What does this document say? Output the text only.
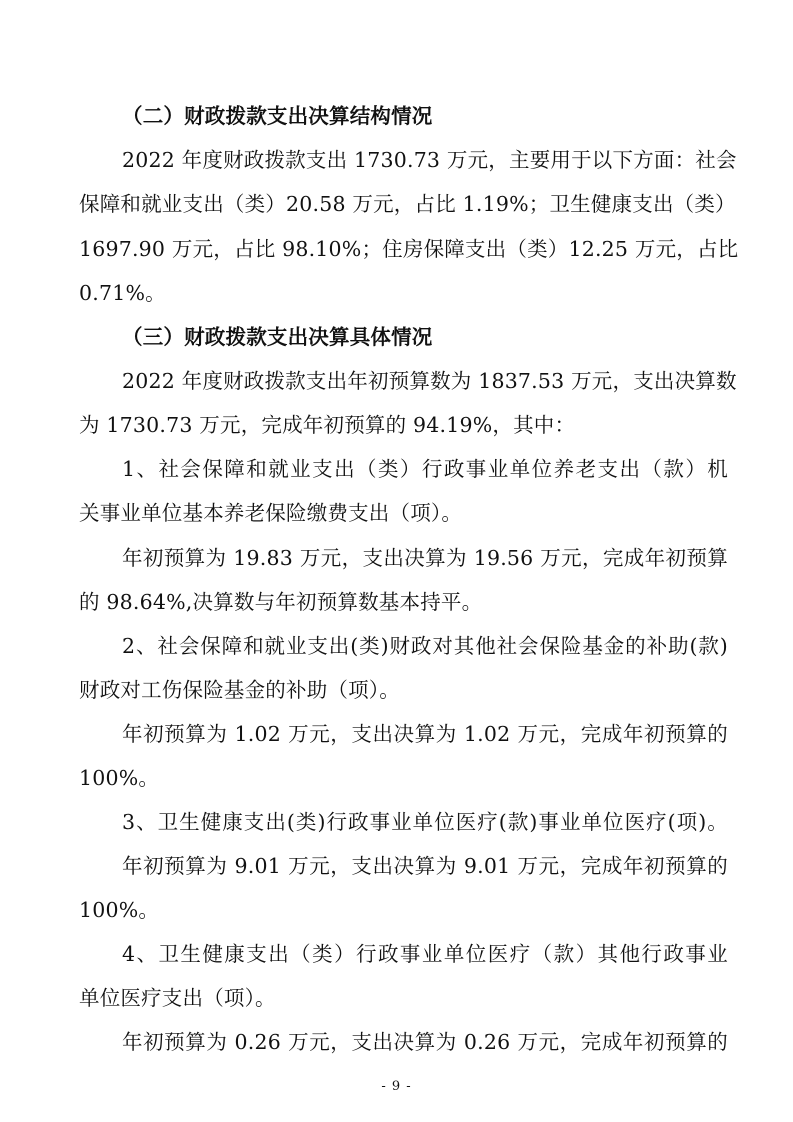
（二）财政拨款支出决算结构情况
2022 年度财政拨款支出 1730.73 万元，主要用于以下方面：社会
保障和就业支出（类）20.58 万元，占比 1.19%；卫生健康支出（类）
1697.90 万元，占比 98.10%；住房保障支出（类）12.25 万元，占比
0.71%。
（三）财政拨款支出决算具体情况
2022 年度财政拨款支出年初预算数为 1837.53 万元，支出决算数
为 1730.73 万元，完成年初预算的 94.19%，其中：
1、社会保障和就业支出（类）行政事业单位养老支出（款）机
关事业单位基本养老保险缴费支出（项）。
年初预算为 19.83 万元，支出决算为 19.56 万元，完成年初预算
的 98.64%,决算数与年初预算数基本持平。
2、社会保障和就业支出(类)财政对其他社会保险基金的补助(款)
财政对工伤保险基金的补助（项）。
年初预算为 1.02 万元，支出决算为 1.02 万元，完成年初预算的
100%。
3、卫生健康支出(类)行政事业单位医疗(款)事业单位医疗(项)。
年初预算为 9.01 万元，支出决算为 9.01 万元，完成年初预算的
100%。
4、卫生健康支出（类）行政事业单位医疗（款）其他行政事业
单位医疗支出（项）。
年初预算为 0.26 万元，支出决算为 0.26 万元，完成年初预算的
- 9 -
